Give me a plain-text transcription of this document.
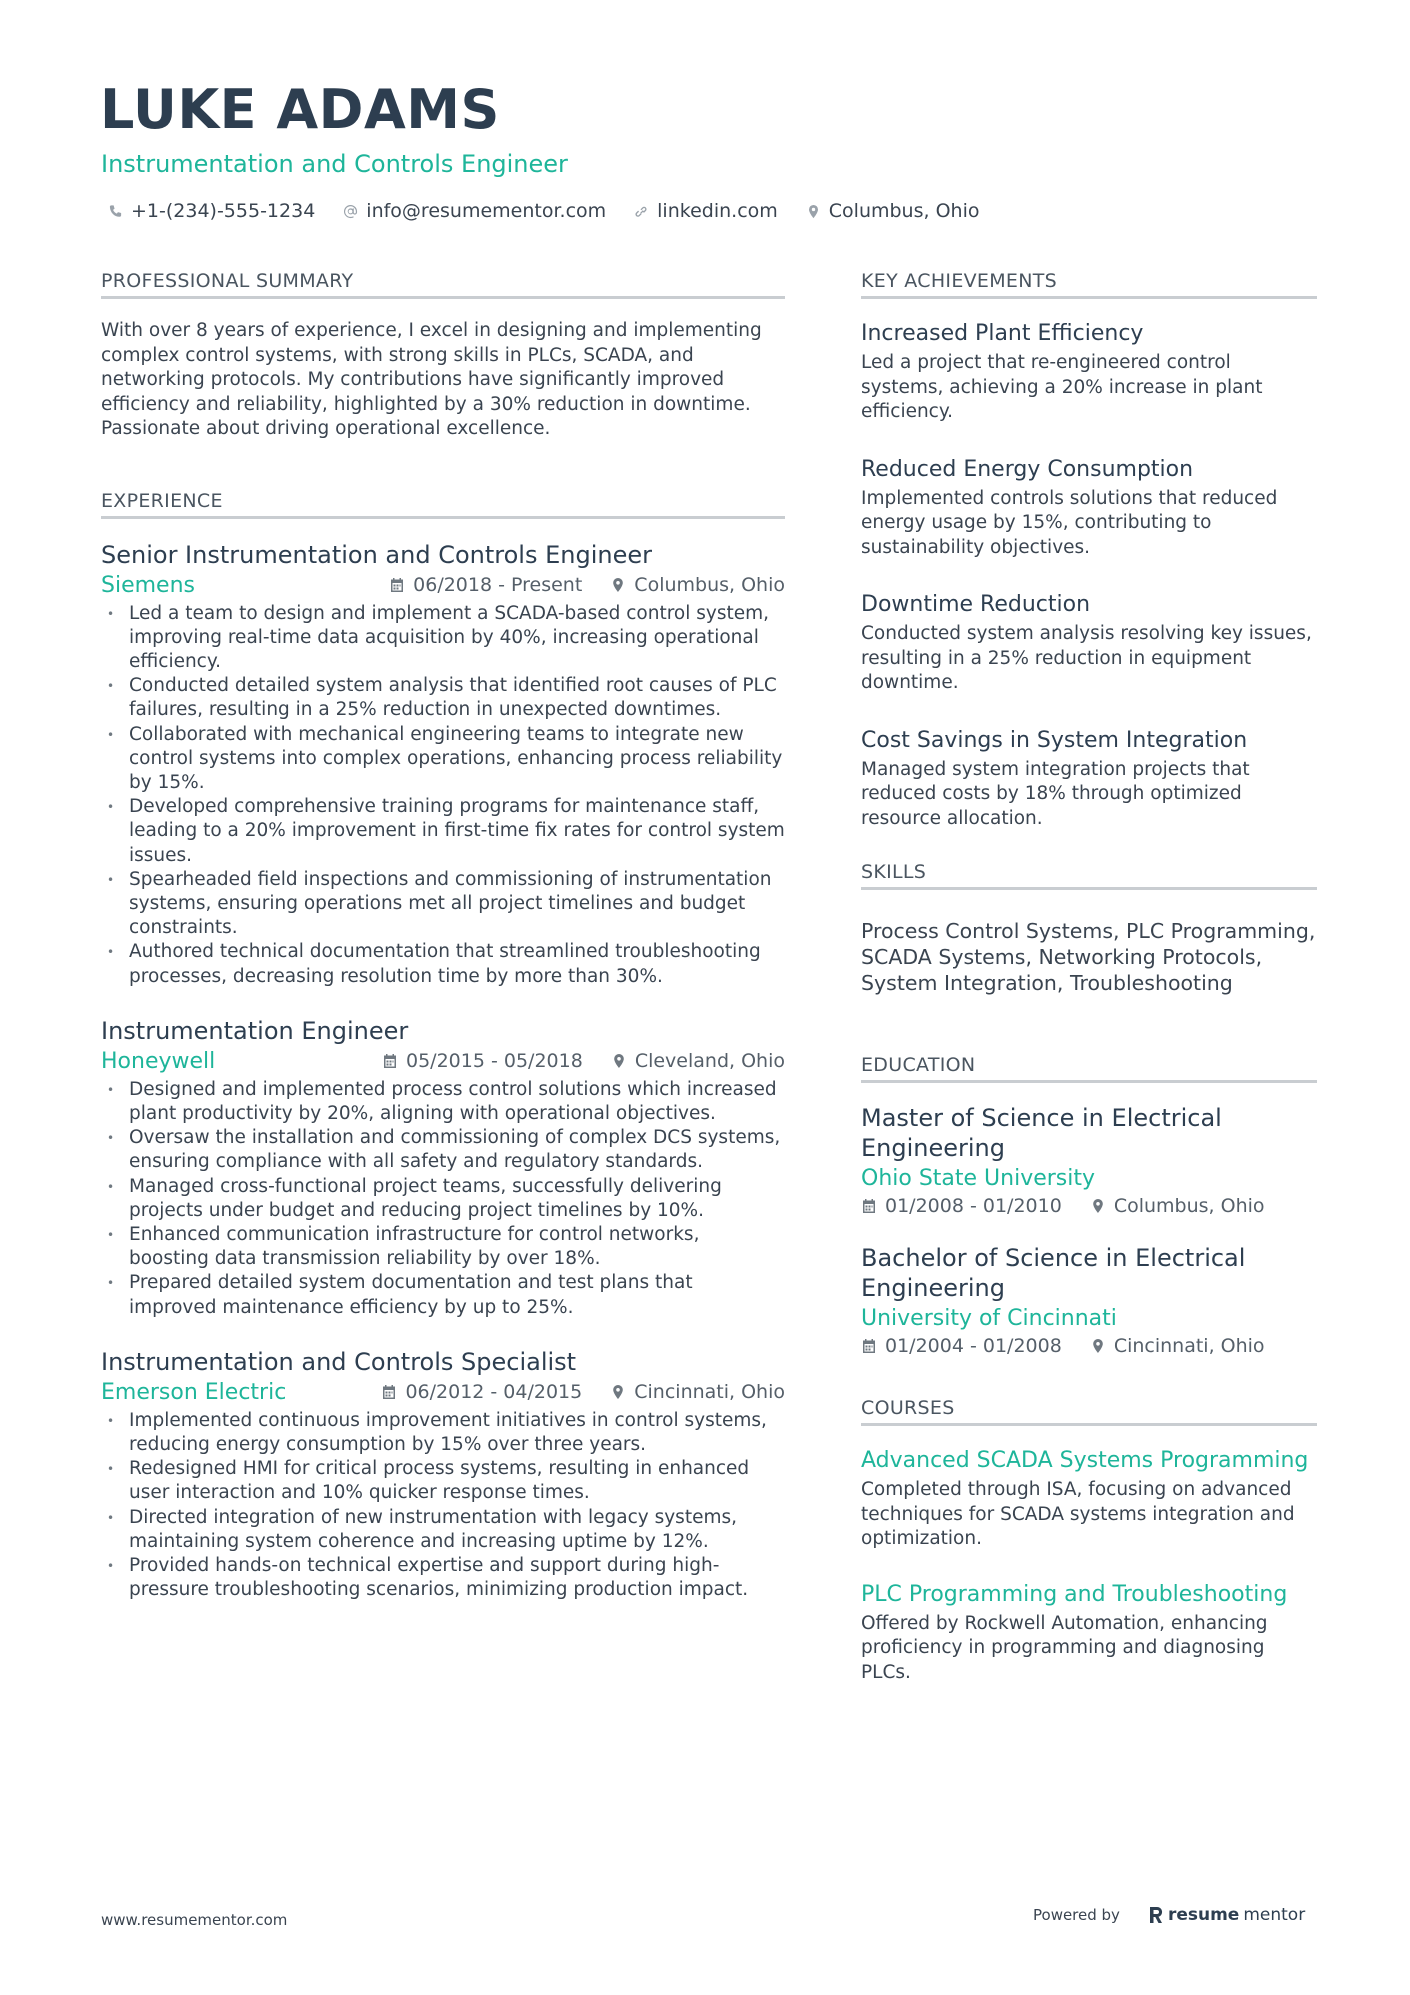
LUKE ADAMS
Instrumentation and Controls Engineer
+1-(234)-555-1234	info@resumementor.com	linkedin.com	Columbus, Ohio
PROFESSIONAL SUMMARY
With over 8 years of experience, I excel in designing and implementing complex control systems, with strong skills in PLCs, SCADA, and networking protocols. My contributions have significantly improved efficiency and reliability, highlighted by a 30% reduction in downtime. Passionate about driving operational excellence.
EXPERIENCE
Senior Instrumentation and Controls Engineer
Siemens	06/2018 - Present	Columbus, Ohio
• Led a team to design and implement a SCADA-based control system, improving real-time data acquisition by 40%, increasing operational efficiency.
• Conducted detailed system analysis that identified root causes of PLC failures, resulting in a 25% reduction in unexpected downtimes.
• Collaborated with mechanical engineering teams to integrate new control systems into complex operations, enhancing process reliability by 15%.
• Developed comprehensive training programs for maintenance staff, leading to a 20% improvement in first-time fix rates for control system issues.
• Spearheaded field inspections and commissioning of instrumentation systems, ensuring operations met all project timelines and budget constraints.
• Authored technical documentation that streamlined troubleshooting processes, decreasing resolution time by more than 30%.
Instrumentation Engineer
Honeywell	05/2015 - 05/2018	Cleveland, Ohio
• Designed and implemented process control solutions which increased plant productivity by 20%, aligning with operational objectives.
• Oversaw the installation and commissioning of complex DCS systems, ensuring compliance with all safety and regulatory standards.
• Managed cross-functional project teams, successfully delivering projects under budget and reducing project timelines by 10%.
• Enhanced communication infrastructure for control networks, boosting data transmission reliability by over 18%.
• Prepared detailed system documentation and test plans that improved maintenance efficiency by up to 25%.
Instrumentation and Controls Specialist
Emerson Electric	06/2012 - 04/2015	Cincinnati, Ohio
• Implemented continuous improvement initiatives in control systems, reducing energy consumption by 15% over three years.
• Redesigned HMI for critical process systems, resulting in enhanced user interaction and 10% quicker response times.
• Directed integration of new instrumentation with legacy systems, maintaining system coherence and increasing uptime by 12%.
• Provided hands-on technical expertise and support during high-pressure troubleshooting scenarios, minimizing production impact.
KEY ACHIEVEMENTS
Increased Plant Efficiency
Led a project that re-engineered control systems, achieving a 20% increase in plant efficiency.
Reduced Energy Consumption
Implemented controls solutions that reduced energy usage by 15%, contributing to sustainability objectives.
Downtime Reduction
Conducted system analysis resolving key issues, resulting in a 25% reduction in equipment downtime.
Cost Savings in System Integration
Managed system integration projects that reduced costs by 18% through optimized resource allocation.
SKILLS
Process Control Systems, PLC Programming, SCADA Systems, Networking Protocols, System Integration, Troubleshooting
EDUCATION
Master of Science in Electrical Engineering
Ohio State University
01/2008 - 01/2010	Columbus, Ohio
Bachelor of Science in Electrical Engineering
University of Cincinnati
01/2004 - 01/2008	Cincinnati, Ohio
COURSES
Advanced SCADA Systems Programming
Completed through ISA, focusing on advanced techniques for SCADA systems integration and optimization.
PLC Programming and Troubleshooting
Offered by Rockwell Automation, enhancing proficiency in programming and diagnosing PLCs.
www.resumementor.com	Powered by	resume mentor
